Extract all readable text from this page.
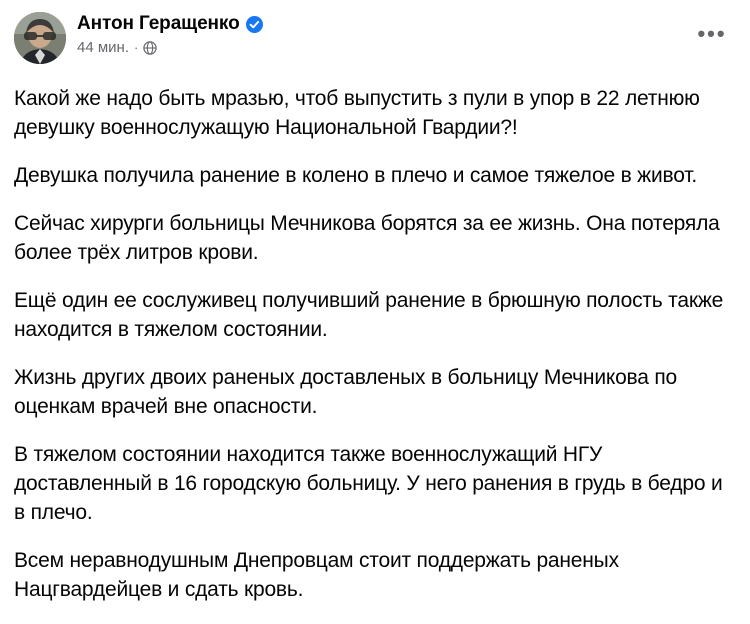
Антон Геращенко
44 мин. ·
•••

Какой же надо быть мразью, чтоб выпустить з пули в упор в 22 летнюю девушку военнослужащую Национальной Гвардии?!

Девушка получила ранение в колено в плечо и самое тяжелое в живот.

Сейчас хирурги больницы Мечникова борятся за ее жизнь. Она потеряла более трёх литров крови.

Ещё один ее сослуживец получивший ранение в брюшную полость также находится в тяжелом состоянии.

Жизнь других двоих раненых доставленых в больницу Мечникова по оценкам врачей вне опасности.

В тяжелом состоянии находится также военнослужащий НГУ доставленный в 16 городскую больницу. У него ранения в грудь в бедро и в плечо.

Всем неравнодушным Днепровцам стоит поддержать раненых Нацгвардейцев и сдать кровь.
